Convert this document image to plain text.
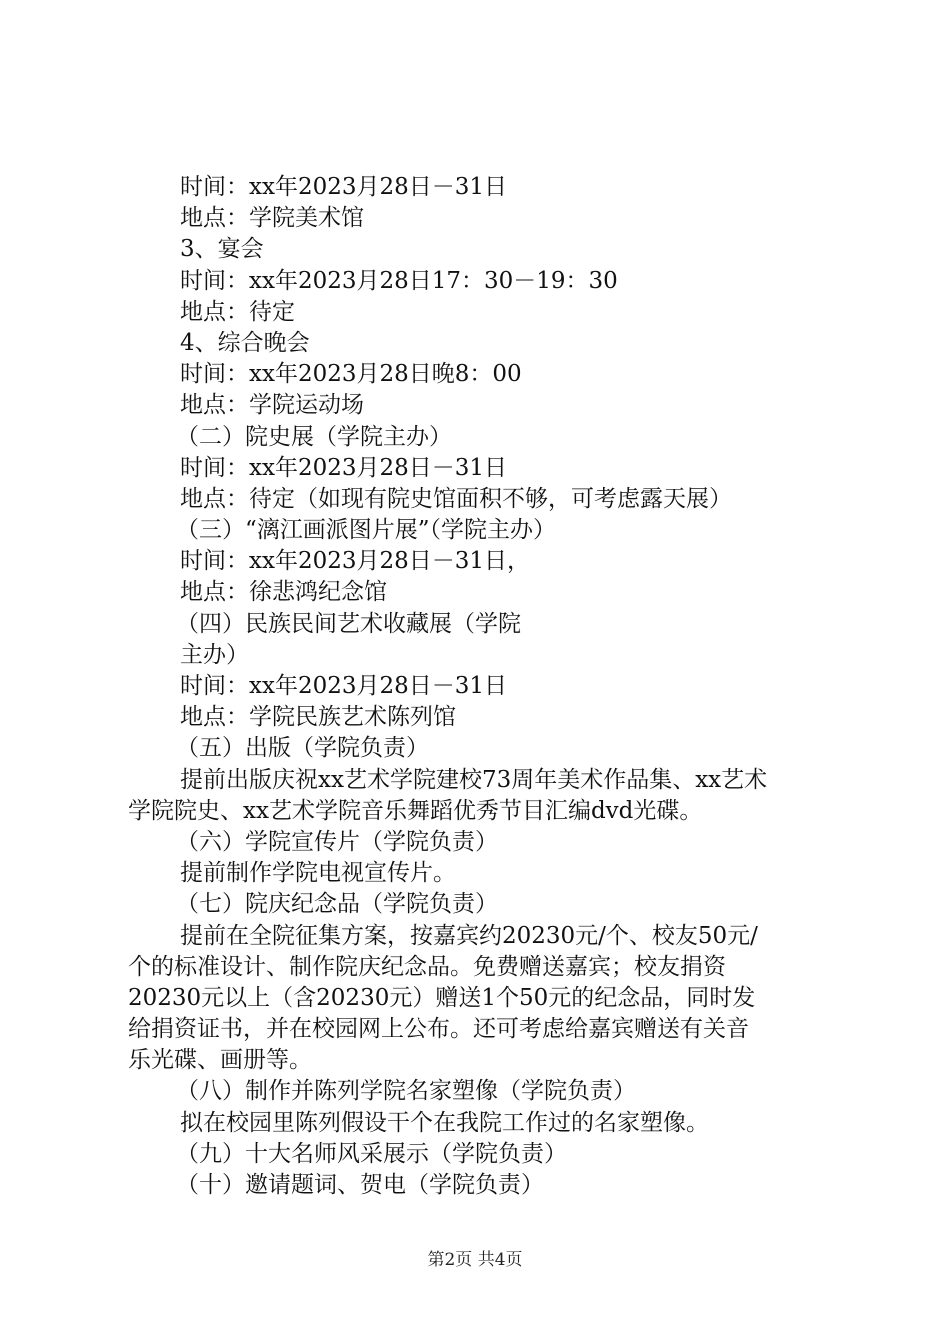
时间：xx年2023月28日－31日
地点：学院美术馆
3、宴会
时间：xx年2023月28日17：30－19：30
地点：待定
4、综合晚会
时间：xx年2023月28日晚8：00
地点：学院运动场
（二）院史展（学院主办）
时间：xx年2023月28日－31日
地点：待定（如现有院史馆面积不够，可考虑露天展）
（三）“漓江画派图片展”（学院主办）
时间：xx年2023月28日－31日，
地点：徐悲鸿纪念馆
（四）民族民间艺术收藏展（学院
主办）
时间：xx年2023月28日－31日
地点：学院民族艺术陈列馆
（五）出版（学院负责）
提前出版庆祝xx艺术学院建校73周年美术作品集、xx艺术
学院院史、xx艺术学院音乐舞蹈优秀节目汇编dvd光碟。
（六）学院宣传片（学院负责）
提前制作学院电视宣传片。
（七）院庆纪念品（学院负责）
提前在全院征集方案，按嘉宾约20230元/个、校友50元/
个的标准设计、制作院庆纪念品。免费赠送嘉宾；校友捐资
20230元以上（含20230元）赠送1个50元的纪念品，同时发
给捐资证书，并在校园网上公布。还可考虑给嘉宾赠送有关音
乐光碟、画册等。
（八）制作并陈列学院名家塑像（学院负责）
拟在校园里陈列假设干个在我院工作过的名家塑像。
（九）十大名师风采展示（学院负责）
（十）邀请题词、贺电（学院负责）
第2页 共4页
